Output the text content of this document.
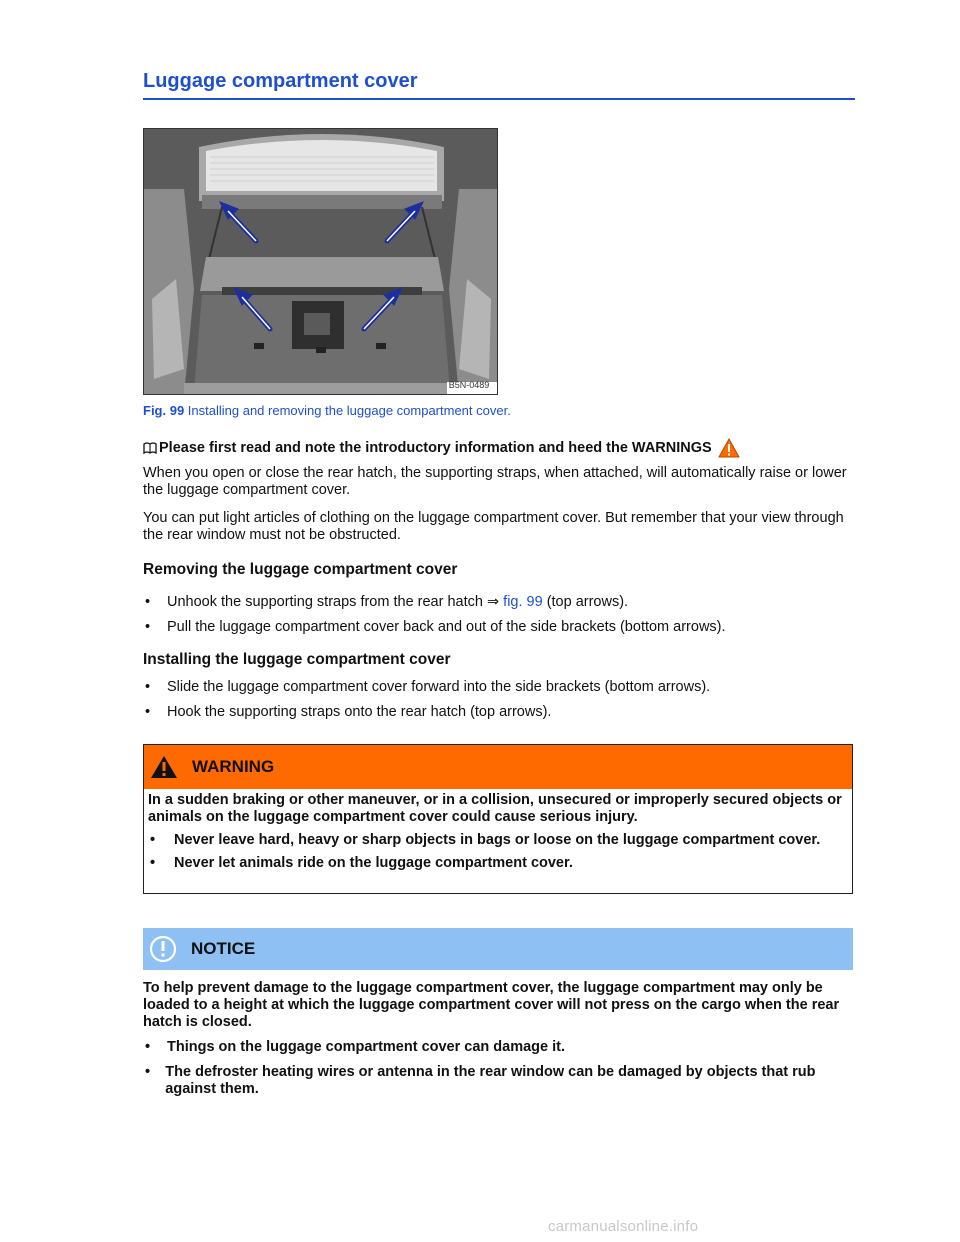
Luggage compartment cover
B5N-0489
Fig. 99 Installing and removing the luggage compartment cover.
Please first read and note the introductory information and heed the WARNINGS
When you open or close the rear hatch, the supporting straps, when attached, will automatically raise or lower the luggage compartment cover.
You can put light articles of clothing on the luggage compartment cover. But remember that your view through the rear window must not be obstructed.
Removing the luggage compartment cover
•	Unhook the supporting straps from the rear hatch ⇒ fig. 99 (top arrows).
•	Pull the luggage compartment cover back and out of the side brackets (bottom arrows).
Installing the luggage compartment cover
•	Slide the luggage compartment cover forward into the side brackets (bottom arrows).
•	Hook the supporting straps onto the rear hatch (top arrows).
WARNING
In a sudden braking or other maneuver, or in a collision, unsecured or improperly secured objects or animals on the luggage compartment cover could cause serious injury.
•	Never leave hard, heavy or sharp objects in bags or loose on the luggage compartment cover.
•	Never let animals ride on the luggage compartment cover.
NOTICE
To help prevent damage to the luggage compartment cover, the luggage compartment may only be loaded to a height at which the luggage compartment cover will not press on the cargo when the rear hatch is closed.
•	Things on the luggage compartment cover can damage it.
•	The defroster heating wires or antenna in the rear window can be damaged by objects that rub against them.
carmanualsonline.info
